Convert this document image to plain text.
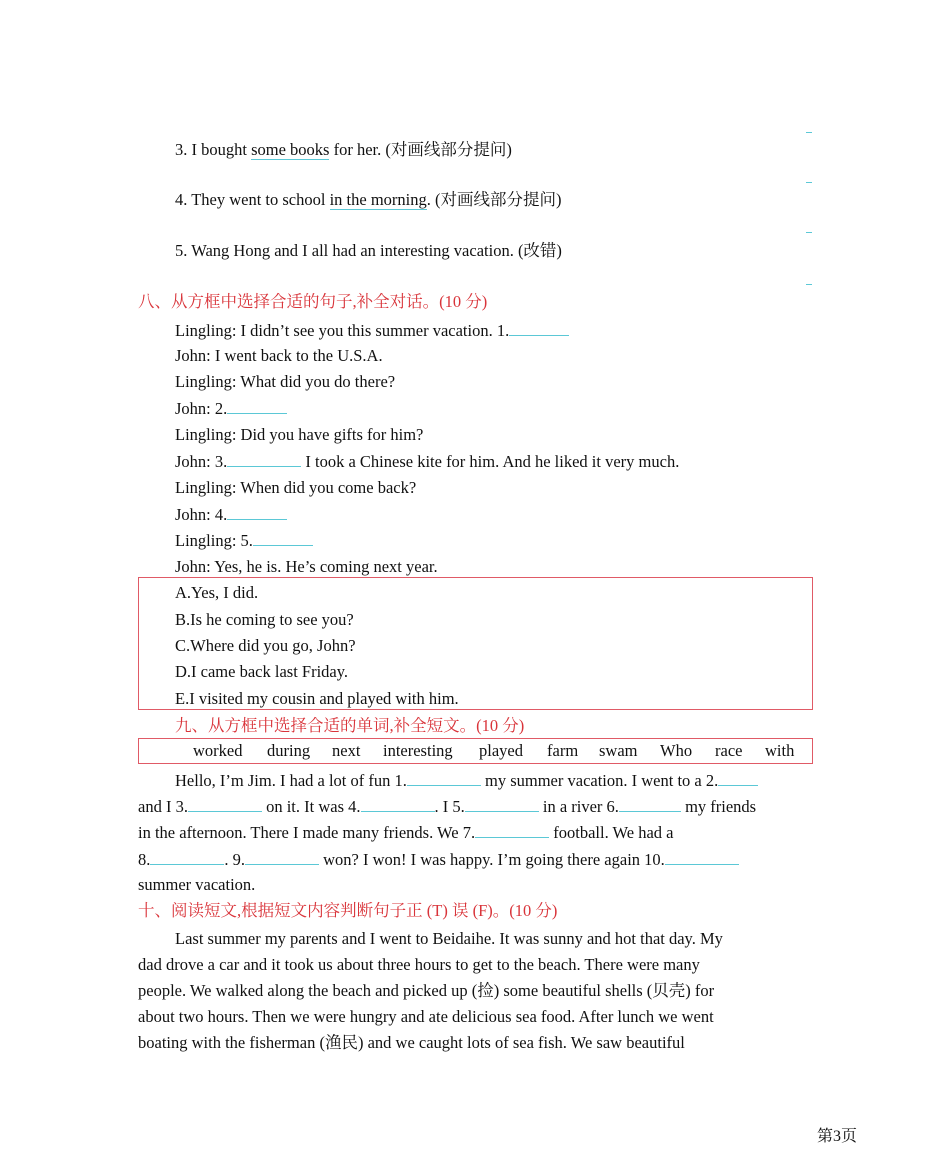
3. I bought some books for her. (对画线部分提问)
4. They went to school in the morning. (对画线部分提问)
5. Wang Hong and I all had an interesting vacation. (改错)
八、从方框中选择合适的句子,补全对话。(10 分)
Lingling: I didn’t see you this summer vacation. 1.
John: I went back to the U.S.A.
Lingling: What did you do there?
John: 2.
Lingling: Did you have gifts for him?
John: 3.	I took a Chinese kite for him. And he liked it very much.
Lingling: When did you come back?
John: 4.
Lingling: 5.
John: Yes, he is. He’s coming next year.
A.Yes, I did.
B.Is he coming to see you?
C.Where did you go, John?
D.I came back last Friday.
E.I visited my cousin and played with him.
九、从方框中选择合适的单词,补全短文。(10 分)
worked during next interesting played farm swam Who race with
Hello, I’m Jim. I had a lot of fun 1.	my summer vacation. I went to a 2.
and I 3.	on it. It was 4.	. I 5.	in a river 6.	my friends
in the afternoon. There I made many friends. We 7.	football. We had a
8.	. 9.	won? I won! I was happy. I’m going there again 10.
summer vacation.
十、阅读短文,根据短文内容判断句子正 (T) 误 (F)。(10 分)
Last summer my parents and I went to Beidaihe. It was sunny and hot that day. My
dad drove a car and it took us about three hours to get to the beach. There were many
people. We walked along the beach and picked up (捡) some beautiful shells (贝壳) for
about two hours. Then we were hungry and ate delicious sea food. After lunch we went
boating with the fisherman (渔民) and we caught lots of sea fish. We saw beautiful
第3页
